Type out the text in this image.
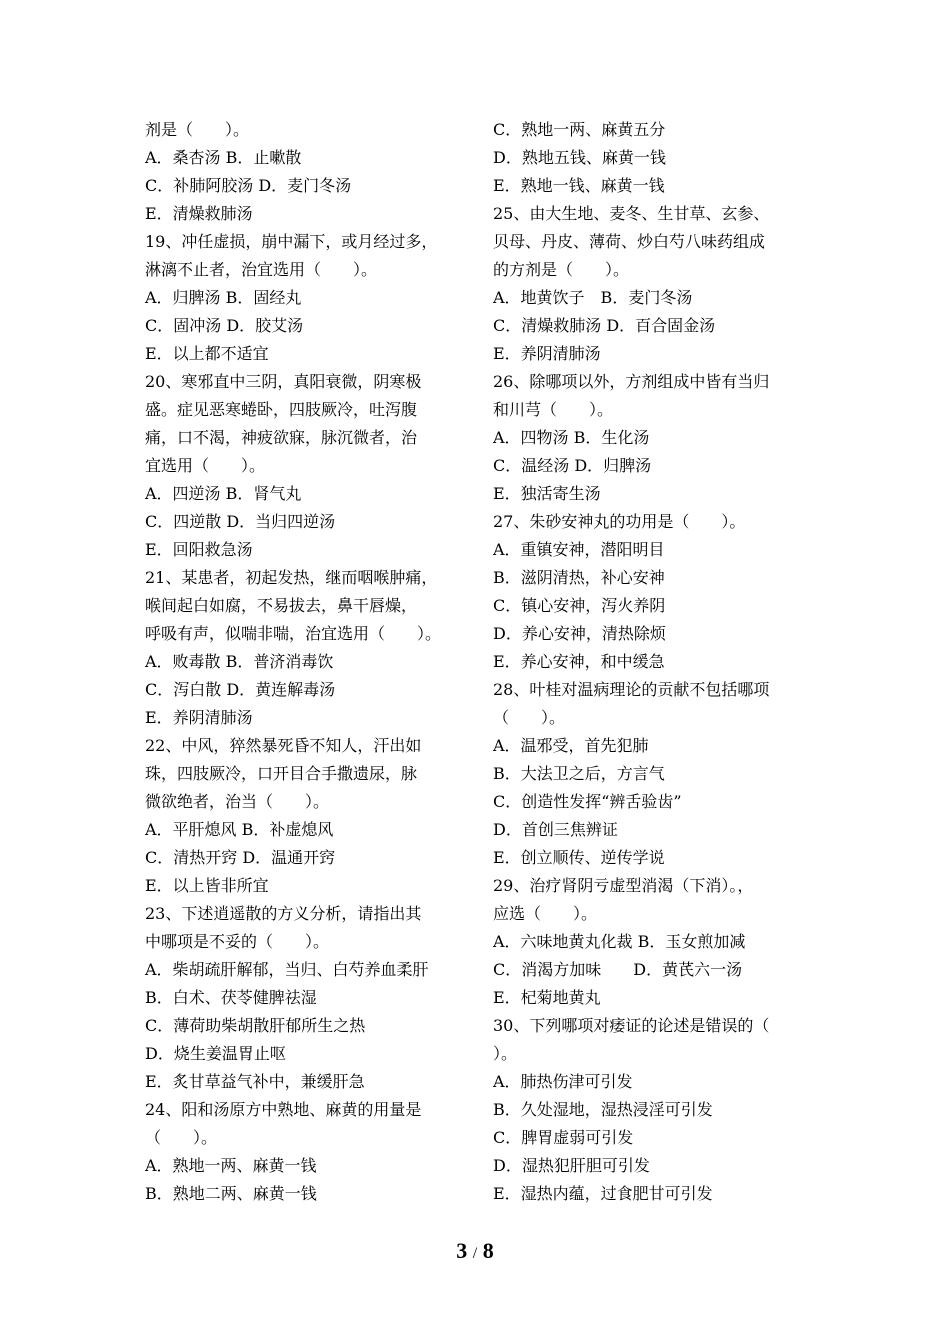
剂是（　　）。
A．桑杏汤 B．止嗽散
C．补肺阿胶汤 D．麦门冬汤
E．清燥救肺汤
19、冲任虚损，崩中漏下，或月经过多，
淋漓不止者，治宜选用（　　）。
A．归脾汤 B．固经丸
C．固冲汤 D．胶艾汤
E．以上都不适宜
20、寒邪直中三阴，真阳衰微，阴寒极
盛。症见恶寒蜷卧，四肢厥冷，吐泻腹
痛，口不渴，神疲欲寐，脉沉微者，治
宜选用（　　）。
A．四逆汤 B．肾气丸
C．四逆散 D．当归四逆汤
E．回阳救急汤
21、某患者，初起发热，继而咽喉肿痛，
喉间起白如腐，不易拔去，鼻干唇燥，
呼吸有声，似喘非喘，治宜选用（　　）。
A．败毒散 B．普济消毒饮
C．泻白散 D．黄连解毒汤
E．养阴清肺汤
22、中风，猝然暴死昏不知人，汗出如
珠，四肢厥冷，口开目合手撒遗尿，脉
微欲绝者，治当（　　）。
A．平肝熄风 B．补虚熄风
C．清热开窍 D．温通开窍
E．以上皆非所宜
23、下述逍遥散的方义分析，请指出其
中哪项是不妥的（　　）。
A．柴胡疏肝解郁，当归、白芍养血柔肝
B．白术、茯苓健脾祛湿
C．薄荷助柴胡散肝郁所生之热
D．烧生姜温胃止呕
E．炙甘草益气补中，兼缓肝急
24、阳和汤原方中熟地、麻黄的用量是
（　　）。
A．熟地一两、麻黄一钱
B．熟地二两、麻黄一钱
C．熟地一两、麻黄五分
D．熟地五钱、麻黄一钱
E．熟地一钱、麻黄一钱
25、由大生地、麦冬、生甘草、玄参、
贝母、丹皮、薄荷、炒白芍八味药组成
的方剂是（　　）。
A．地黄饮子　B．麦门冬汤
C．清燥救肺汤 D．百合固金汤
E．养阴清肺汤
26、除哪项以外，方剂组成中皆有当归
和川芎（　　）。
A．四物汤 B．生化汤
C．温经汤 D．归脾汤
E．独活寄生汤
27、朱砂安神丸的功用是（　　）。
A．重镇安神，潜阳明目
B．滋阴清热，补心安神
C．镇心安神，泻火养阴
D．养心安神，清热除烦
E．养心安神，和中缓急
28、叶桂对温病理论的贡献不包括哪项
（　　）。
A．温邪受，首先犯肺
B．大法卫之后，方言气
C．创造性发挥“辨舌验齿”
D．首创三焦辨证
E．创立顺传、逆传学说
29、治疗肾阴亏虚型消渴（下消）。，
应选（　　）。
A．六味地黄丸化裁 B．玉女煎加减
C．消渴方加味　　D．黄芪六一汤
E．杞菊地黄丸
30、下列哪项对痿证的论述是错误的（
）。
A．肺热伤津可引发
B．久处湿地，湿热浸淫可引发
C．脾胃虚弱可引发
D．湿热犯肝胆可引发
E．湿热内蕴，过食肥甘可引发
3 / 8
